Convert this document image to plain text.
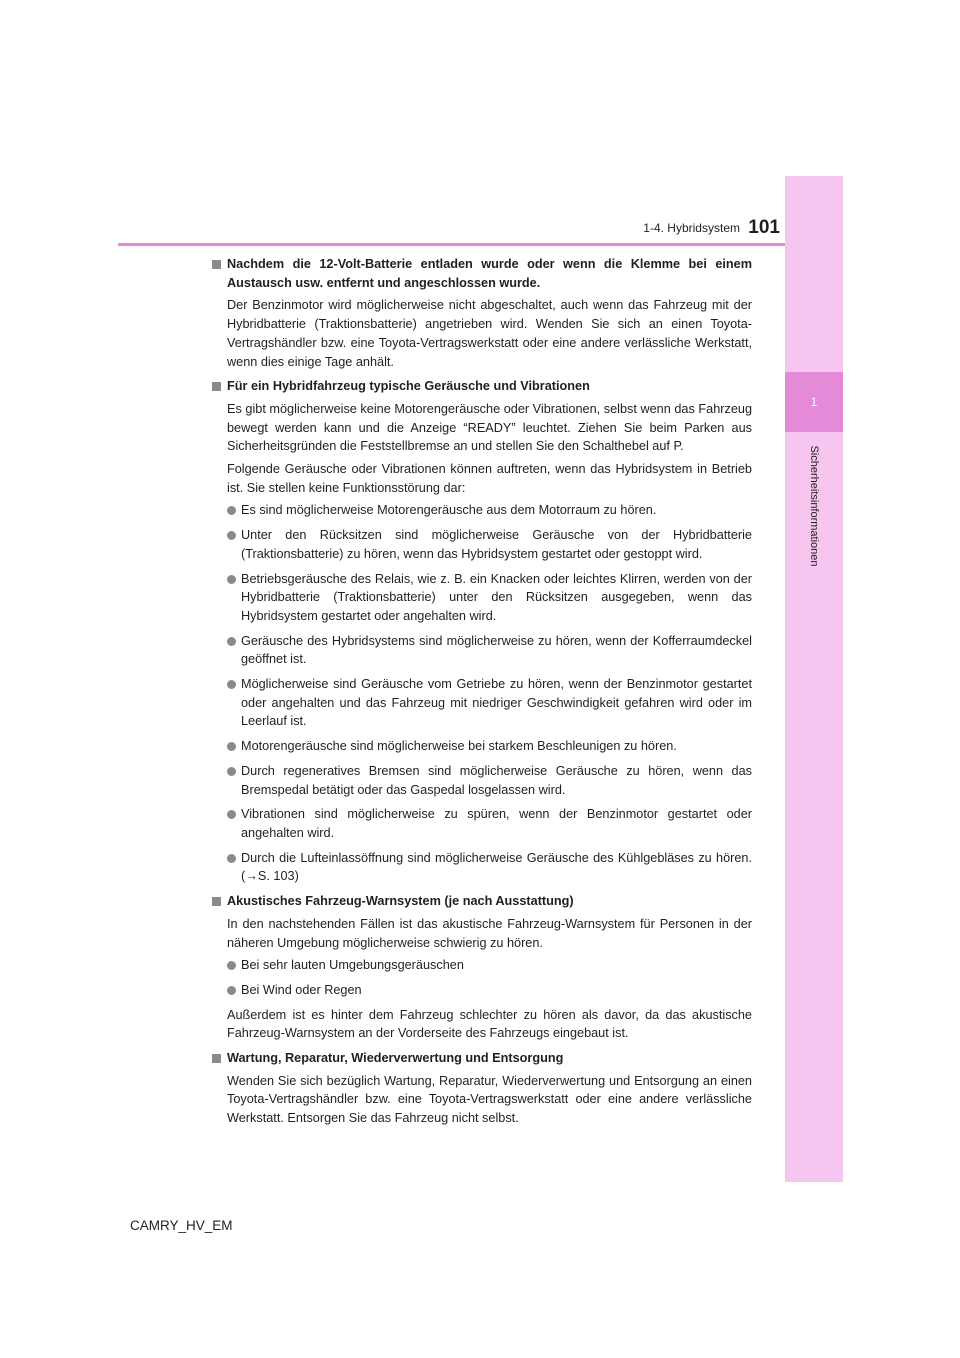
1
Sicherheitsinformationen
1-4. Hybridsystem 101
Nachdem die 12-Volt-Batterie entladen wurde oder wenn die Klemme bei einem Austausch usw. entfernt und angeschlossen wurde.
Der Benzinmotor wird möglicherweise nicht abgeschaltet, auch wenn das Fahrzeug mit der Hybridbatterie (Traktionsbatterie) angetrieben wird. Wenden Sie sich an einen Toyota-Vertragshändler bzw. eine Toyota-Vertragswerkstatt oder eine andere verlässliche Werkstatt, wenn dies einige Tage anhält.
Für ein Hybridfahrzeug typische Geräusche und Vibrationen
Es gibt möglicherweise keine Motorengeräusche oder Vibrationen, selbst wenn das Fahrzeug bewegt werden kann und die Anzeige “READY” leuchtet. Ziehen Sie beim Parken aus Sicherheitsgründen die Feststellbremse an und stellen Sie den Schalthebel auf P.
Folgende Geräusche oder Vibrationen können auftreten, wenn das Hybridsystem in Betrieb ist. Sie stellen keine Funktionsstörung dar:
Es sind möglicherweise Motorengeräusche aus dem Motorraum zu hören.
Unter den Rücksitzen sind möglicherweise Geräusche von der Hybridbatterie (Traktionsbatterie) zu hören, wenn das Hybridsystem gestartet oder gestoppt wird.
Betriebsgeräusche des Relais, wie z. B. ein Knacken oder leichtes Klirren, werden von der Hybridbatterie (Traktionsbatterie) unter den Rücksitzen ausgegeben, wenn das Hybridsystem gestartet oder angehalten wird.
Geräusche des Hybridsystems sind möglicherweise zu hören, wenn der Kofferraumdeckel geöffnet ist.
Möglicherweise sind Geräusche vom Getriebe zu hören, wenn der Benzinmotor gestartet oder angehalten und das Fahrzeug mit niedriger Geschwindigkeit gefahren wird oder im Leerlauf ist.
Motorengeräusche sind möglicherweise bei starkem Beschleunigen zu hören.
Durch regeneratives Bremsen sind möglicherweise Geräusche zu hören, wenn das Bremspedal betätigt oder das Gaspedal losgelassen wird.
Vibrationen sind möglicherweise zu spüren, wenn der Benzinmotor gestartet oder angehalten wird.
Durch die Lufteinlassöffnung sind möglicherweise Geräusche des Kühlgebläses zu hören. (→S. 103)
Akustisches Fahrzeug-Warnsystem (je nach Ausstattung)
In den nachstehenden Fällen ist das akustische Fahrzeug-Warnsystem für Personen in der näheren Umgebung möglicherweise schwierig zu hören.
Bei sehr lauten Umgebungsgeräuschen
Bei Wind oder Regen
Außerdem ist es hinter dem Fahrzeug schlechter zu hören als davor, da das akustische Fahrzeug-Warnsystem an der Vorderseite des Fahrzeugs eingebaut ist.
Wartung, Reparatur, Wiederverwertung und Entsorgung
Wenden Sie sich bezüglich Wartung, Reparatur, Wiederverwertung und Entsorgung an einen Toyota-Vertragshändler bzw. eine Toyota-Vertragswerkstatt oder eine andere verlässliche Werkstatt. Entsorgen Sie das Fahrzeug nicht selbst.
CAMRY_HV_EM
